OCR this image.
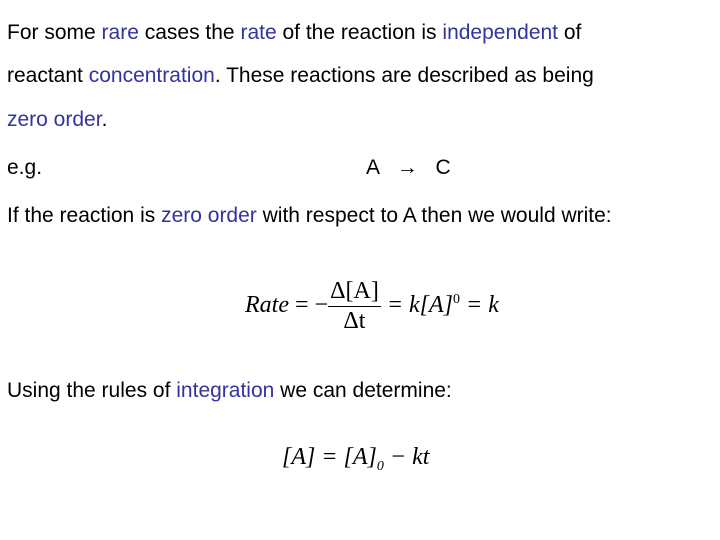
For some rare cases the rate of the reaction is independent of
reactant concentration. These reactions are described as being
zero order.
e.g.	A → C
If the reaction is zero order with respect to A then we would write:
Rate = − $\frac{\Delta[A]}{\Delta t} = k[A]^0 = k$
Using the rules of integration we can determine:
$[A] = [A]_0$ − kt
